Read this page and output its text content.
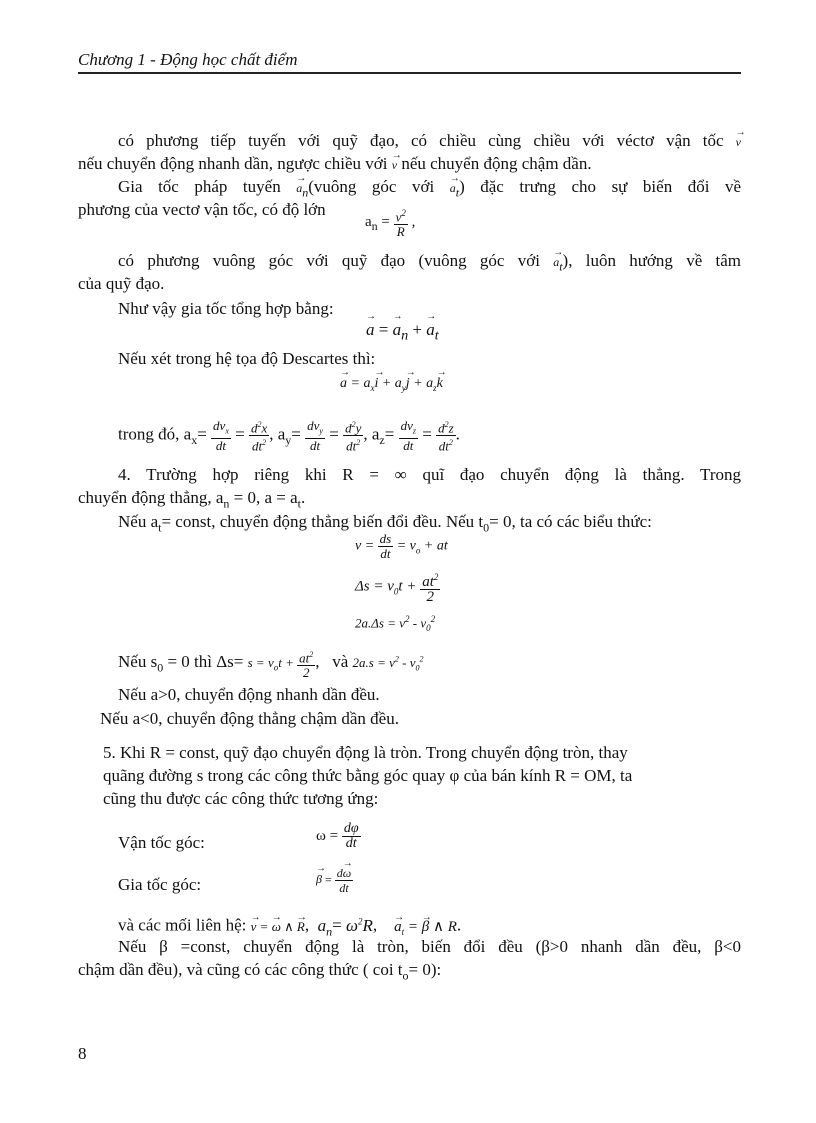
Chương 1 - Động học chất điểm
có phương tiếp tuyến với quỹ đạo, có chiều cùng chiều với véctơ vận tốc → v
nếu chuyển động nhanh dần, ngược chiều với → v nếu chuyển động chậm dần.
Gia tốc pháp tuyến → $a_n(vuông$ góc với → $a_t$) đặc trưng cho sự biến đổi về
phương của vectơ vận tốc, có độ lớn
$a_n = \frac{v^2}{R}$ ,
có phương vuông góc với quỹ đạo (vuông góc với → $a_t$), luôn hướng về tâm
của quỹ đạo.
Như vậy gia tốc tổng hợp bằng:
→ a = → $a_n$ + → $a_t$
Nếu xét trong hệ tọa độ Descartes thì:
→ $a = a_x\to i + a_y\to j + a_z\to k$
trong đó, $a_x= \frac{dv_x}{dt} = \frac{d^2x}{dt^2}$ , $a_y= \frac{dv_y}{dt} = \frac{d^2y}{dt^2}$ , $a_z= \frac{dv_z}{dt} = \frac{d^2z}{dt^2}$ .
4. Trường hợp riêng khi R = ∞ quĩ đạo chuyển động là thẳng. Trong
chuyển động thẳng, $a_n = 0$, $a = a_t$.
Nếu $a_t=$ const, chuyển động thẳng biến đổi đều. Nếu $t_0= 0$, ta có các biểu thức:
$v = \frac{ds}{dt} = v_o$ + at
$\Delta s = v_0t + \frac{at^2}{2}$
$2a.\Delta s = v^2 - v_0^2$
Nếu $s_0 = 0$ thì $\Delta s= s = v_ot + \frac{at^2}{2}$ ,   và $2a.s = v^2 - v_0^2$
Nếu a>0, chuyển động nhanh dần đều.
Nếu a<0, chuyển động thẳng chậm dần đều.
5. Khi R = const, quỹ đạo chuyển động là tròn. Trong chuyển động tròn, thay
quãng đường s trong các công thức bằng góc quay φ của bán kính R = OM, ta
cũng thu được các công thức tương ứng:
Vận tốc góc:	$\omega = \frac{d\varphi}{dt}$
Gia tốc góc:	→ $\beta = \frac{d\to \omega}{dt}$
và các mối liên hệ: → v = → ω ∧ → R,  $a_n= \omega^2R$,    → $a_t$ = → β ∧ R.
Nếu β =const, chuyển động là tròn, biến đổi đều (β>0 nhanh dần đều, β<0
chậm dần đều), và cũng có các công thức ( coi $t_o= 0$):
8
